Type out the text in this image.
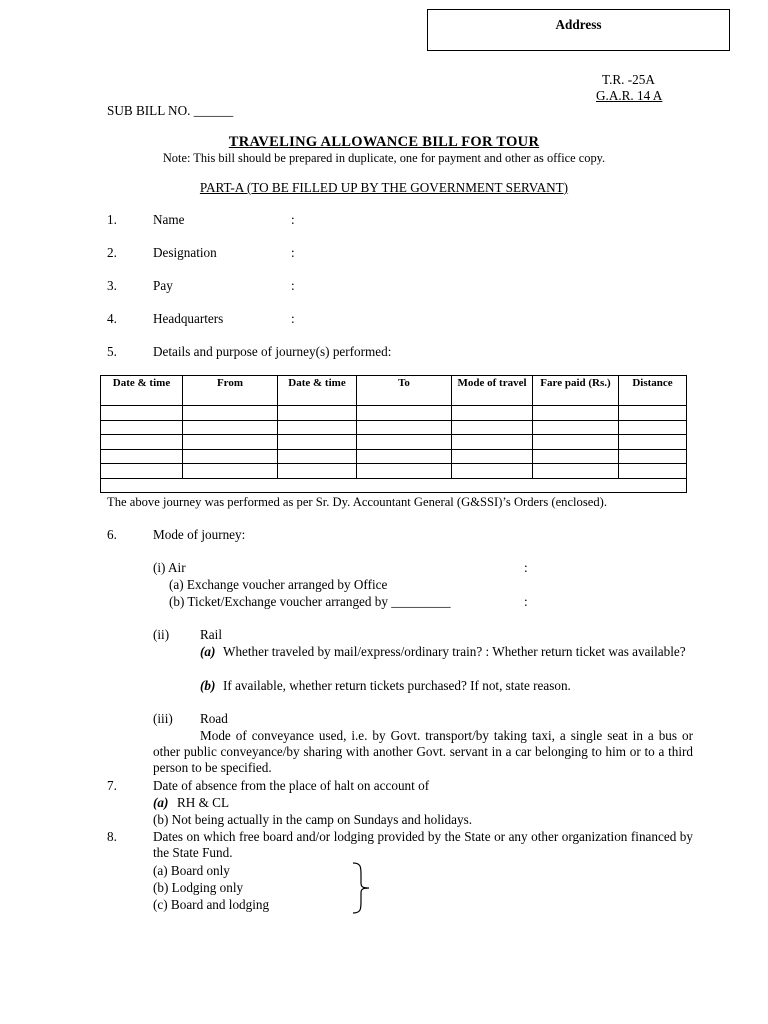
Address
T.R. -25A
G.A.R. 14 A
SUB BILL NO. ______
TRAVELING ALLOWANCE BILL FOR TOUR
Note: This bill should be prepared in duplicate, one for payment and other as office copy.
PART-A (TO BE FILLED UP BY THE GOVERNMENT SERVANT)
1.	Name	:
2.	Designation	:
3.	Pay	:
4.	Headquarters	:
5.	Details and purpose of journey(s) performed:
Date & time	From	Date & time	To	Mode of travel	Fare paid (Rs.)	Distance

The above journey was performed as per Sr. Dy. Accountant General (G&SSI)’s Orders (enclosed).
6.	Mode of journey:
(i) Air	:
(a) Exchange voucher arranged by Office
(b) Ticket/Exchange voucher arranged by _________	:
(ii) Rail
(a) Whether traveled by mail/express/ordinary train? : Whether return ticket was available?
(b) If available, whether return tickets purchased? If not, state reason.
(iii) Road
Mode of conveyance used, i.e. by Govt. transport/by taking taxi, a single seat in a bus or other public conveyance/by sharing with another Govt. servant in a car belonging to him or to a third person to be specified.
7.	Date of absence from the place of halt on account of
(a) RH & CL
(b) Not being actually in the camp on Sundays and holidays.
8.	Dates on which free board and/or lodging provided by the State or any other organization financed by the State Fund.
(a) Board only
(b) Lodging only
(c) Board and lodging
